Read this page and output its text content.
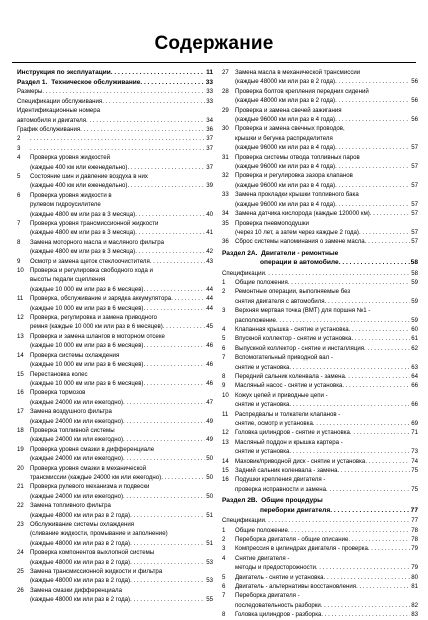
Содержание
Инструкция по эксплуатации . . .	11
Раздел 1. Техническое обслуживание . . .	33
Размеры . . .	33
Спецификации обслуживания . . .	33
Идентификационные номера
автомобиля и двигателя . . .	34
График обслуживания . . .	36
2 . . .	37
3 . . .	37
4	Проверка уровня жидкостей
(каждые 400 км или еженедельно) . . .	37
5	Состояние шин и давление воздуха в них
(каждые 400 км или еженедельно) . . .	39
6	Проверка уровня жидкости в
рулевом гидроусилителе
(каждые 4800 км или раз в 3 месяца) . . .	40
7	Проверка уровня трансмиссионной жидкости
(каждые 4800 км или раз в 3 месяца) . . .	41
8	Замена моторного масла и масляного фильтра
(каждые 4800 км или раз в 3 месяца) . . .	42
9	Осмотр и замена щеток стеклоочистителя . . .	43
10	Проверка и регулировка свободного хода и
высоты педали сцепления
(каждые 10 000 км или раз в 6 месяцев) . . .	44
11	Проверка, обслуживание и зарядка аккумулятора . . .	44
(каждые 10 000 км или раз в 6 месяцев) . . .	44
12	Проверка, регулировка и замена приводного
ремня (каждые 10 000 км или раз в 6 месяцев) . . .	45
13	Проверка и замена шлангов в моторном отсеке
(каждые 10 000 км или раз в 6 месяцев) . . .	46
14	Проверка системы охлаждения
(каждые 10 000 км или раз в 6 месяцев) . . .	46
15	Перестановка колес
(каждые 10 000 км или раз в 6 месяцев) . . .	46
16	Проверка тормозов
(каждые 24000 км или ежегодно) . . .	47
17	Замена воздушного фильтра
(каждые 24000 км или ежегодно) . . .	49
18	Проверка топливной системы
(каждые 24000 км или ежегодно) . . .	49
19	Проверка уровня смазки в дифференциале
(каждые 24000 км или ежегодно) . . .	50
20	Проверка уровня смазки в механической
трансмиссии (каждые 24000 км или ежегодно) . . .	50
21	Проверка рулевого механизма и подвески
(каждые 24000 км или ежегодно) . . .	50
22	Замена топливного фильтра
(каждые 48000 км или раз в 2 года) . . .	51
23	Обслуживание системы охлаждения
(сливание жидкости, промывание и заполнение)
(каждые 48000 км или раз в 2 года) . . .	51
24	Проверка компонентов выхлопной системы
(каждые 48000 км или раз в 2 года) . . .	53
25	Замена трансмиссионной жидкости и фильтра
(каждые 48000 км или раз в 2 года) . . .	53
26	Замена смазки дифференциала
(каждые 48000 км или раз в 2 года) . . .	55
27	Замена масла в механической трансмиссии
(каждые 48000 км или раз в 2 года) . . .	56
28	Проверка болтов крепления передних сидений
(каждые 48000 км или раз в 2 года) . . .	56
29	Проверка и замена свечей зажигания
(каждые 96000 км или раз в 4 года) . . .	56
30	Проверка и замена свечных проводов,
крышки и бегунка распределителя
(каждые 96000 км или раз в 4 года) . . .	57
31	Проверка системы отвода топливных паров
(каждые 96000 км или раз в 4 года) . . .	57
32	Проверка и регулировка зазора клапанов
(каждые 96000 км или раз в 4 года) . . .	57
33	Замена прокладки крышки топливного бака
(каждые 96000 км или раз в 4 года) . . .	57
34	Замена датчика кислорода (каждые 120000 км) . . .	57
35	Проверка пневмоподушки
(через 10 лет, а затем через каждые 2 года) . . .	57
36	Сброс системы напоминания о замене масла . . .	57
Раздел 2А. Двигатели - ремонтные
операции в автомобиле . . .	58
Спецификации . . .	58
1	Общие положения . . .	59
2	Ремонтные операции, выполняемые без
снятия двигателя с автомобиля . . .	59
3	Верхняя мертвая точка (ВМТ) для поршня №1 -
расположение . . .	59
4	Клапанная крышка - снятие и установка . . .	60
5	Впускной коллектор - снятие и установка . . .	61
6	Выпускной коллектор - снятие и инсталляция . . .	62
7	Вспомогательный приводной вал -
снятие и установка . . .	63
8	Передний сальник коленвала - замена . . .	64
9	Масляный насос - снятие и установка . . .	66
10	Кожух цепей и приводные цепи -
снятие и установка . . .	66
11	Распредвалы и толкатели клапанов -
снятие, осмотр и установка . . .	69
12	Головка цилиндров - снятие и установка . . .	71
13	Масляный поддон и крышка картера -
снятие и установка . . .	73
14	Маховик/приводной диск - снятие и установка . . .	74
15	Задний сальник коленвала - замена . . .	75
16	Подушки крепления двигателя -
проверка исправности и замена . . .	75
Раздел 2В. Общие процедуры
переборки двигателя . . .	77
Спецификации . . .	77
1	Общие положение . . .	78
2	Переборка двигателя - общие описание . . .	78
3	Компрессия в цилиндрах двигателя - проверка . . .	79
4	Снятие двигателя -
методы и предосторожности . . .	79
5	Двигатель - снятие и установка . . .	80
6	Двигатель - альтернативы восстановления . . .	81
7	Переборка двигателя -
последовательность разборки . . .	82
8	Головка цилиндров - разборка . . .	83
